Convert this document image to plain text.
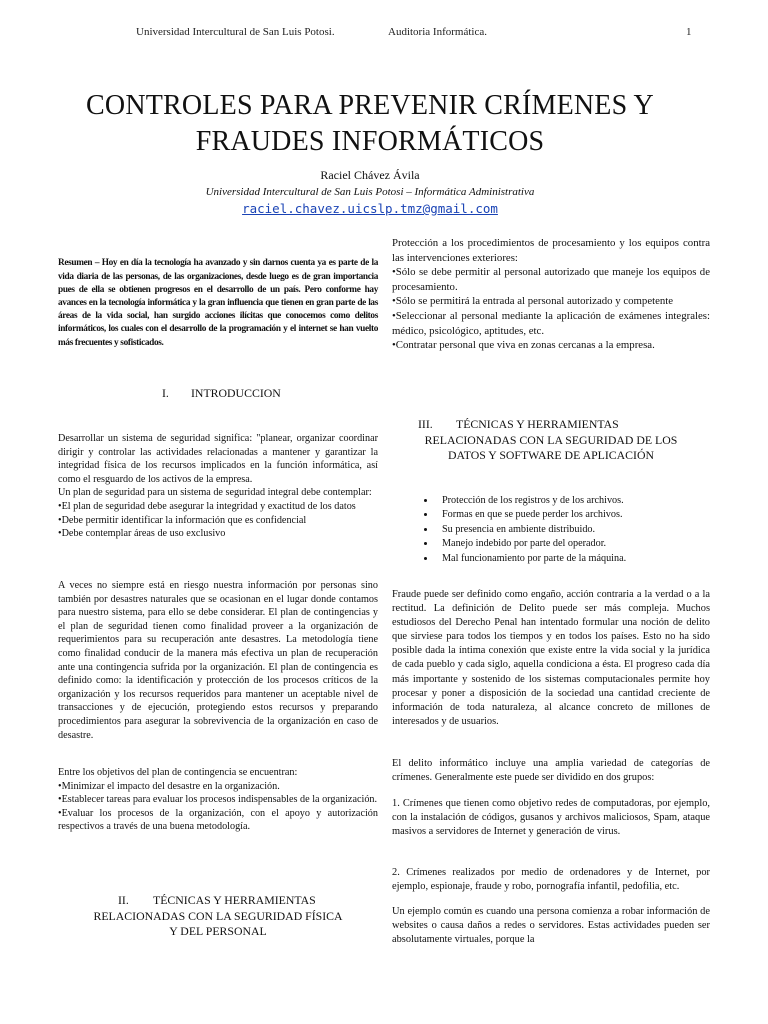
Universidad Intercultural de San Luis Potosi.	Auditoria Informática.	1
CONTROLES PARA PREVENIR CRÍMENES Y
FRAUDES INFORMÁTICOS
Raciel Chávez Ávila
Universidad Intercultural de San Luis Potosi – Informática Administrativa
raciel.chavez.uicslp.tmz@gmail.com

Resumen – Hoy en día la tecnología ha avanzado y sin darnos cuenta ya es parte de la vida diaria de las personas, de las organizaciones, desde luego es de gran importancia pues de ella se obtienen progresos en el desarrollo de un país. Pero conforme hay avances en la tecnología informática y la gran influencia que tienen en gran parte de las áreas de la vida social, han surgido acciones ilícitas que conocemos como delitos informáticos, los cuales con el desarrollo de la programación y el internet se han vuelto más frecuentes y sofisticados.

I. INTRODUCCION

Desarrollar un sistema de seguridad significa: "planear, organizar coordinar dirigir y controlar las actividades relacionadas a mantener y garantizar la integridad física de los recursos implicados en la función informática, así como el resguardo de los activos de la empresa.

Un plan de seguridad para un sistema de seguridad integral debe contemplar:

•El plan de seguridad debe asegurar la integridad y exactitud de los datos

•Debe permitir identificar la información que es confidencial

•Debe contemplar áreas de uso exclusivo

A veces no siempre está en riesgo nuestra información por personas sino también por desastres naturales que se ocasionan en el lugar donde contamos para nuestro sistema, para ello se debe considerar. El plan de contingencias y el plan de seguridad tienen como finalidad proveer a la organización de requerimientos para su recuperación ante desastres. La metodología tiene como finalidad conducir de la manera más efectiva un plan de recuperación ante una contingencia sufrida por la organización. El plan de contingencia es definido como: la identificación y protección de los procesos críticos de la organización y los recursos requeridos para mantener un aceptable nivel de transacciones y de ejecución, protegiendo estos recursos y preparando procedimientos para asegurar la sobrevivencia de la organización en caso de desastre.

Entre los objetivos del plan de contingencia se encuentran:

•Minimizar el impacto del desastre en la organización.

•Establecer tareas para evaluar los procesos indispensables de la organización.

•Evaluar los procesos de la organización, con el apoyo y autorización respectivos a través de una buena metodología.

II. TÉCNICAS Y HERRAMIENTAS
RELACIONADAS CON LA SEGURIDAD FÍSICA
Y DEL PERSONAL

Protección a los procedimientos de procesamiento y los equipos contra las intervenciones exteriores:

•Sólo se debe permitir al personal autorizado que maneje los equipos de procesamiento.

•Sólo se permitirá la entrada al personal autorizado y competente

•Seleccionar al personal mediante la aplicación de exámenes integrales: médico, psicológico, aptitudes, etc.

•Contratar personal que viva en zonas cercanas a la empresa.

III. TÉCNICAS Y HERRAMIENTAS
RELACIONADAS CON LA SEGURIDAD DE LOS
DATOS Y SOFTWARE DE APLICACIÓN
• Protección de los registros y de los archivos.
• Formas en que se puede perder los archivos.
• Su presencia en ambiente distribuido.
• Manejo indebido por parte del operador.
• Mal funcionamiento por parte de la máquina.

Fraude puede ser definido como engaño, acción contraria a la verdad o a la rectitud. La definición de Delito puede ser más compleja. Muchos estudiosos del Derecho Penal han intentado formular una noción de delito que sirviese para todos los tiempos y en todos los países. Esto no ha sido posible dada la íntima conexión que existe entre la vida social y la jurídica de cada pueblo y cada siglo, aquella condiciona a ésta. El progreso cada día más importante y sostenido de los sistemas computacionales permite hoy procesar y poner a disposición de la sociedad una cantidad creciente de información de toda naturaleza, al alcance concreto de millones de interesados y de usuarios.

El delito informático incluye una amplia variedad de categorías de crímenes. Generalmente este puede ser dividido en dos grupos:

1. Crímenes que tienen como objetivo redes de computadoras, por ejemplo, con la instalación de códigos, gusanos y archivos maliciosos, Spam, ataque masivos a servidores de Internet y generación de virus.

2. Crímenes realizados por medio de ordenadores y de Internet, por ejemplo, espionaje, fraude y robo, pornografía infantil, pedofilia, etc.

Un ejemplo común es cuando una persona comienza a robar información de websites o causa daños a redes o servidores. Estas actividades pueden ser absolutamente virtuales, porque la
